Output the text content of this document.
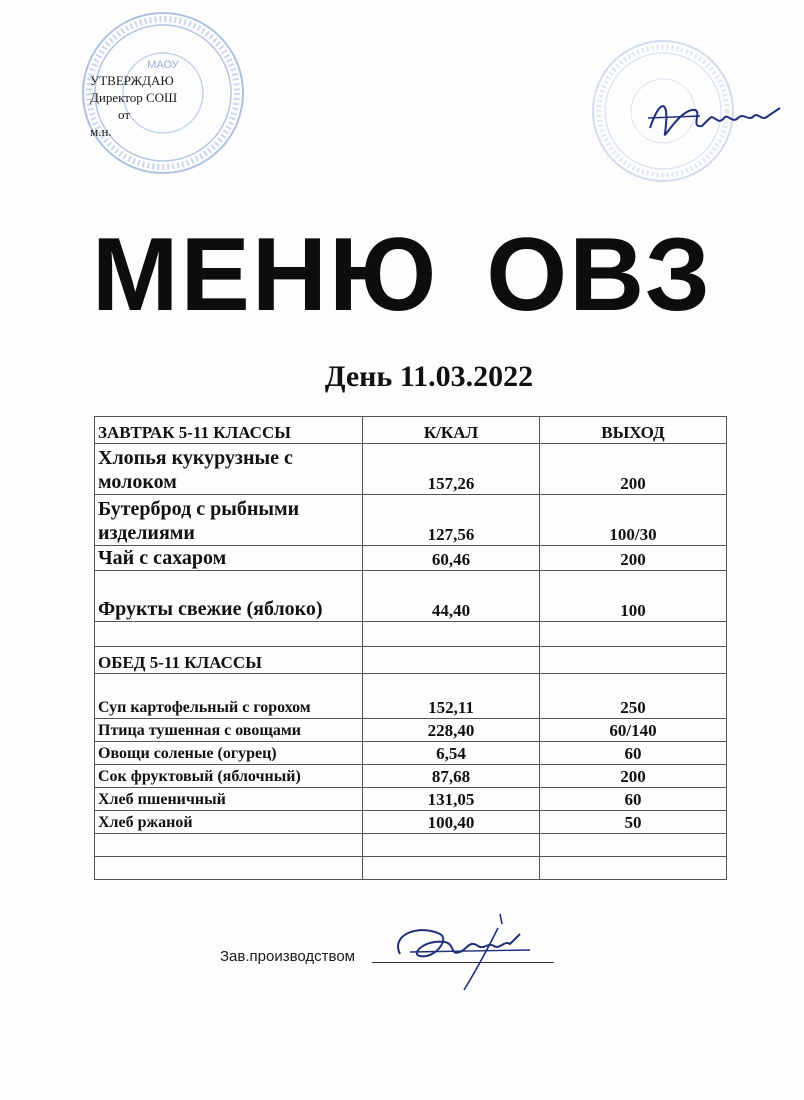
МАОУ
УТВЕРЖДАЮ
Директор СОШ
от
м.н.
МЕНЮ ОВЗ
День 11.03.2022
ЗАВТРАК 5-11 КЛАССЫ	К/КАЛ	ВЫХОД
Хлопья кукурузные с молоком	157,26	200
Бутерброд с рыбными изделиями	127,56	100/30
Чай с сахаром	60,46	200
Фрукты свежие (яблоко)	44,40	100

ОБЕД 5-11 КЛАССЫ		
Суп картофельный с горохом	152,11	250
Птица тушенная с овощами	228,40	60/140
Овощи соленые (огурец)	6,54	60
Сок фруктовый (яблочный)	87,68	200
Хлеб пшеничный	131,05	60
Хлеб ржаной	100,40	50

Зав.производством
